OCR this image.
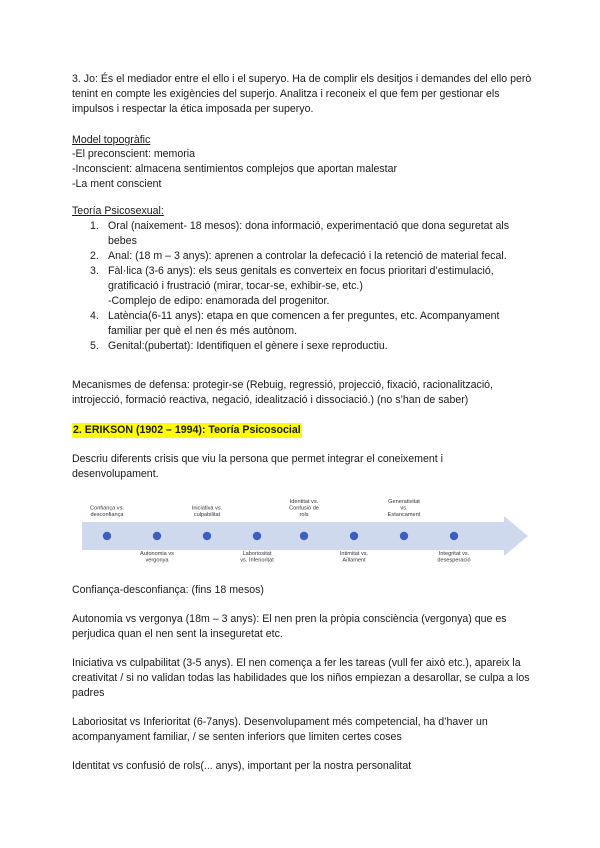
3. Jo: És el mediador entre el ello i el superyo. Ha de complir els desitjos i demandes del ello però tenint en compte les exigències del superjo. Analitza i reconeix el que fem per gestionar els impulsos i respectar la ética imposada per superyo.

Model topogràfic

-El preconscient: memoria

-Inconscient: almacena sentimientos complejos que aportan malestar

-La ment conscient

Teoría Psicosexual:

1. Oral (naixement- 18 mesos): dona informació, experimentació que dona seguretat als bebes
2. Anal: (18 m – 3 anys): aprenen a controlar la defecació i la retenció de material fecal.
3. Fàl·lica (3-6 anys): els seus genitals es converteix en focus prioritari d’estimulació, gratificació i frustració (mirar, tocar-se, exhibir-se, etc.)
-Complejo de edipo: enamorada del progenitor.
4. Latència(6-11 anys): etapa en que comencen a fer preguntes, etc. Acompanyament familiar per què el nen és més autònom.
5. Genital:(pubertat): Identifiquen el gènere i sexe reproductiu.

Mecanismes de defensa: protegir-se (Rebuig, regressió, projecció, fixació, racionalització, introjecció, formació reactiva, negació, idealització i dissociació.) (no s’han de saber)

2. ERIKSON (1902 – 1994): Teoría Psicosocial

Descriu diferents crisis que viu la persona que permet integrar el coneixement i desenvolupament.

Confiança vs. desconfiança
Iniciativa vs. culpabilitat
Identitat vs. Confusió de rols
Generativitat vs. Estancament
Autonomia vs vergonya
Laboriositat vs. Inferioritat
Intimitat vs. Aïllament
Integritat vs. desesperació

Confiança-desconfiança: (fins 18 mesos)

Autonomia vs vergonya (18m – 3 anys): El nen pren la pròpia consciència (vergonya) que es perjudica quan el nen sent la inseguretat etc.

Iniciativa vs culpabilitat (3-5 anys). El nen comença a fer les tareas (vull fer això etc.), apareix la creativitat / si no validan todas las habilidades que los niños empiezan a desarollar, se culpa a los padres

Laboriositat vs Inferioritat (6-7anys). Desenvolupament més competencial, ha d’haver un acompanyament familiar, / se senten inferiors que limiten certes coses

Identitat vs confusió de rols(... anys), important per la nostra personalitat
